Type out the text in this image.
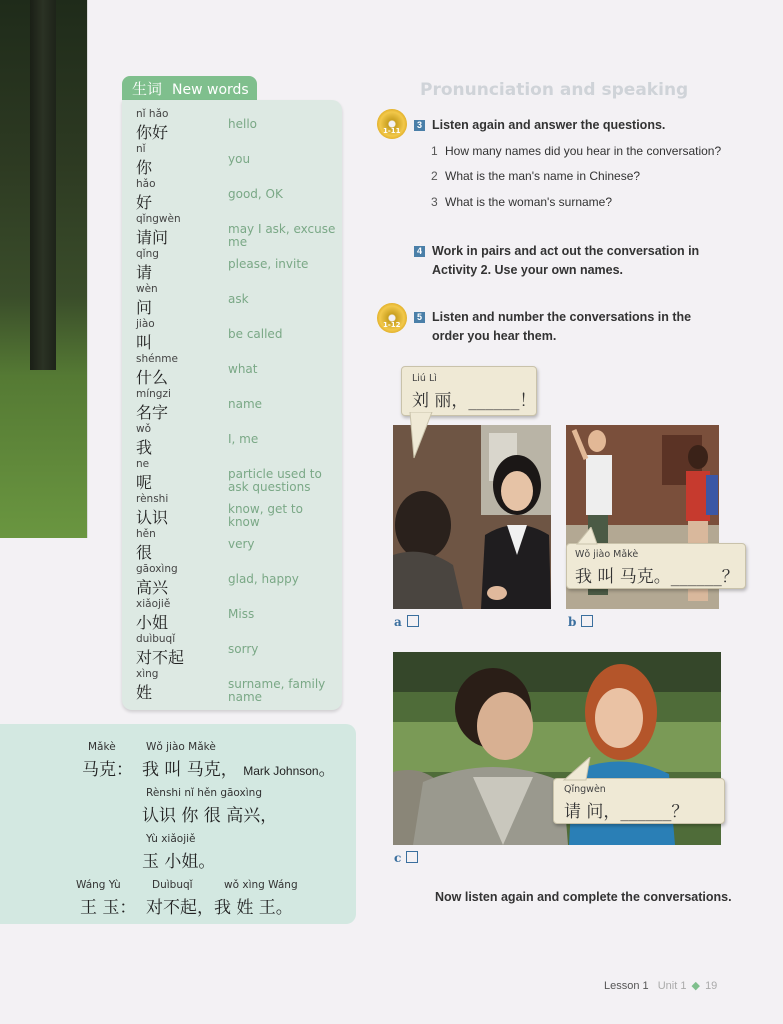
Pronunciation and speaking
生词 New words
nǐ hǎo
你好	hello
nǐ
你	you
hǎo
好	good, OK
qǐngwèn
请问	may I ask, excuse me
qǐng
请	please, invite
wèn
问	ask
jiào
叫	be called
shénme
什么	what
míngzi
名字	name
wǒ
我	I, me
ne
呢	particle used to ask questions
rènshi
认识	know, get to know
hěn
很	very
gāoxìng
高兴	glad, happy
xiǎojiě
小姐	Miss
duìbuqǐ
对不起	sorry
xìng
姓	surname, family name
Mǎkè	Wǒ jiào Mǎkè
马克： 我 叫 马克， Mark Johnson。
Rènshi nǐ hěn gāoxìng
认识 你 很 高兴，
Yù xiǎojiě
玉 小姐。
Wáng Yù	Duìbuqǐ	wǒ xìng Wáng
王 玉： 对不起，我 姓 王。
1-11
3 Listen again and answer the questions.
1 How many names did you hear in the conversation?
2 What is the man's name in Chinese?
3 What is the woman's surname?
4 Work in pairs and act out the conversation in
Activity 2. Use your own names.
1-12
5 Listen and number the conversations in the
order you hear them.
Liú Lì
刘 丽，______！
a
Wǒ jiào Mǎkè
我 叫 马克。______？
b
Qǐngwèn
请 问，______？
c
Now listen again and complete the conversations.
Lesson 1 Unit 1 ◆ 19
